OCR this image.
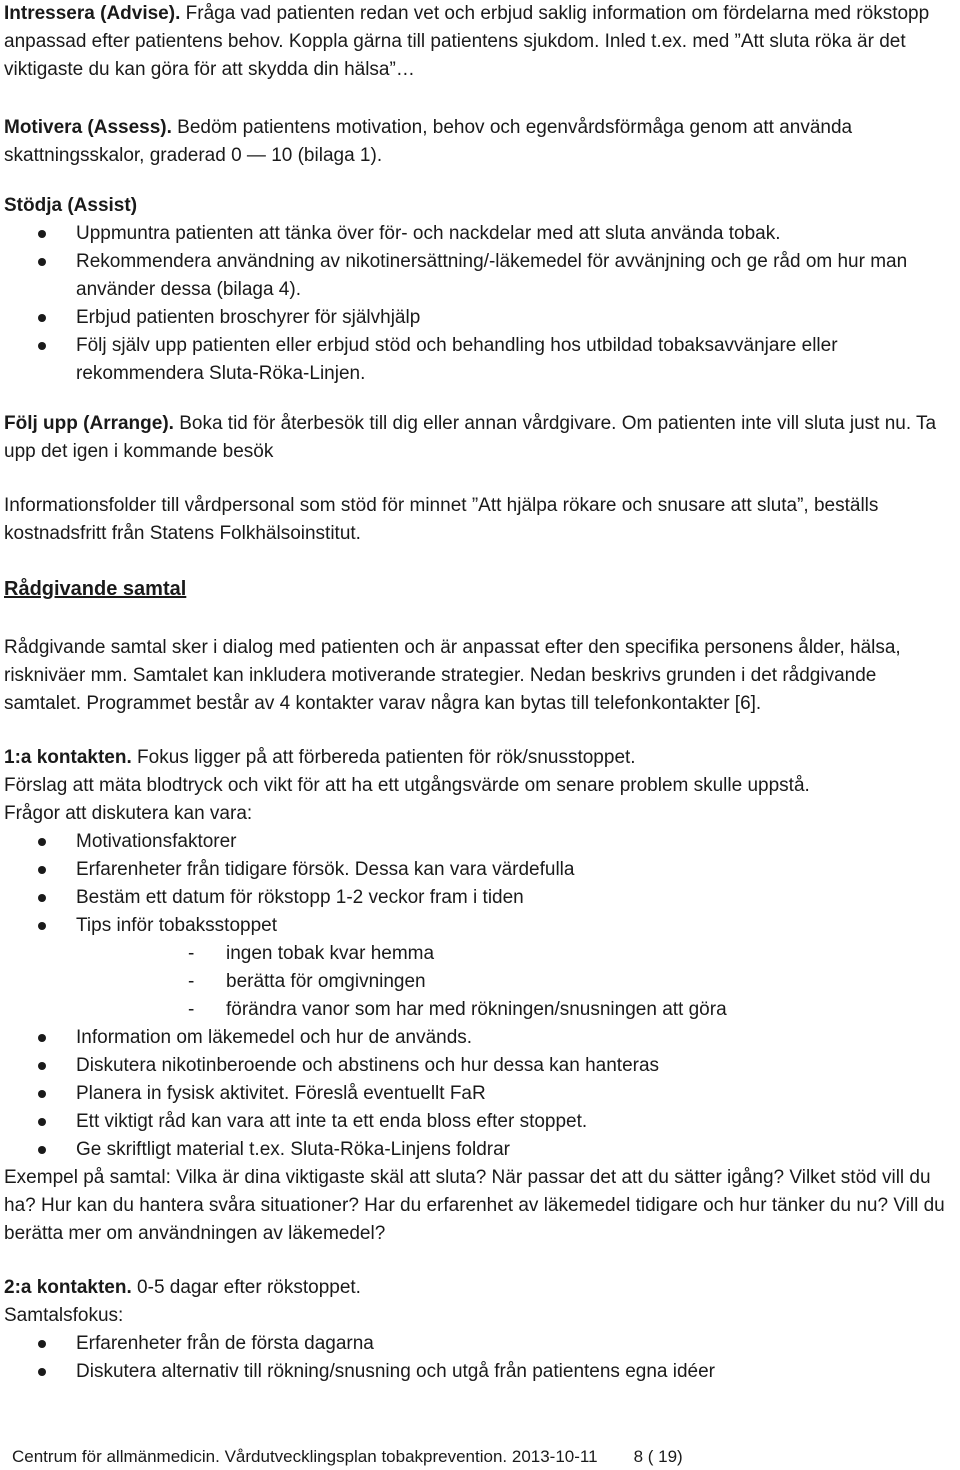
Intressera (Advise). Fråga vad patienten redan vet och erbjud saklig information om fördelarna med rökstopp anpassad efter patientens behov. Koppla gärna till patientens sjukdom. Inled t.ex. med ”Att sluta röka är det viktigaste du kan göra för att skydda din hälsa”…

Motivera (Assess). Bedöm patientens motivation, behov och egenvårdsförmåga genom att använda skattningsskalor, graderad 0 — 10 (bilaga 1).

Stödja (Assist)

Uppmuntra patienten att tänka över för- och nackdelar med att sluta använda tobak.
Rekommendera användning av nikotinersättning/-läkemedel för avvänjning och ge råd om hur man använder dessa (bilaga 4).
Erbjud patienten broschyrer för självhjälp
Följ själv upp patienten eller erbjud stöd och behandling hos utbildad tobaksavvänjare eller rekommendera Sluta-Röka-Linjen.

Följ upp (Arrange). Boka tid för återbesök till dig eller annan vårdgivare. Om patienten inte vill sluta just nu. Ta upp det igen i kommande besök

Informationsfolder till vårdpersonal som stöd för minnet ”Att hjälpa rökare och snusare att sluta”, beställs kostnadsfritt från Statens Folkhälsoinstitut.

Rådgivande samtal

Rådgivande samtal sker i dialog med patienten och är anpassat efter den specifika personens ålder, hälsa, riskniväer mm. Samtalet kan inkludera motiverande strategier. Nedan beskrivs grunden i det rådgivande samtalet. Programmet består av 4 kontakter varav några kan bytas till telefonkontakter [6].

1:a kontakten. Fokus ligger på att förbereda patienten för rök/snusstoppet.

Förslag att mäta blodtryck och vikt för att ha ett utgångsvärde om senare problem skulle uppstå.

Frågor att diskutera kan vara:

Motivationsfaktorer
Erfarenheter från tidigare försök. Dessa kan vara värdefulla
Bestäm ett datum för rökstopp 1-2 veckor fram i tiden
Tips inför tobaksstoppet
- ingen tobak kvar hemma
- berätta för omgivningen
- förändra vanor som har med rökningen/snusningen att göra
Information om läkemedel och hur de används.
Diskutera nikotinberoende och abstinens och hur dessa kan hanteras
Planera in fysisk aktivitet. Föreslå eventuellt FaR
Ett viktigt råd kan vara att inte ta ett enda bloss efter stoppet.
Ge skriftligt material t.ex. Sluta-Röka-Linjens foldrar

Exempel på samtal: Vilka är dina viktigaste skäl att sluta? När passar det att du sätter igång? Vilket stöd vill du ha? Hur kan du hantera svåra situationer? Har du erfarenhet av läkemedel tidigare och hur tänker du nu? Vill du berätta mer om användningen av läkemedel?

2:a kontakten. 0-5 dagar efter rökstoppet.

Samtalsfokus:

Erfarenheter från de första dagarna
Diskutera alternativ till rökning/snusning och utgå från patientens egna idéer
Centrum för allmänmedicin. Vårdutvecklingsplan tobakprevention. 2013-10-11 8 ( 19)
